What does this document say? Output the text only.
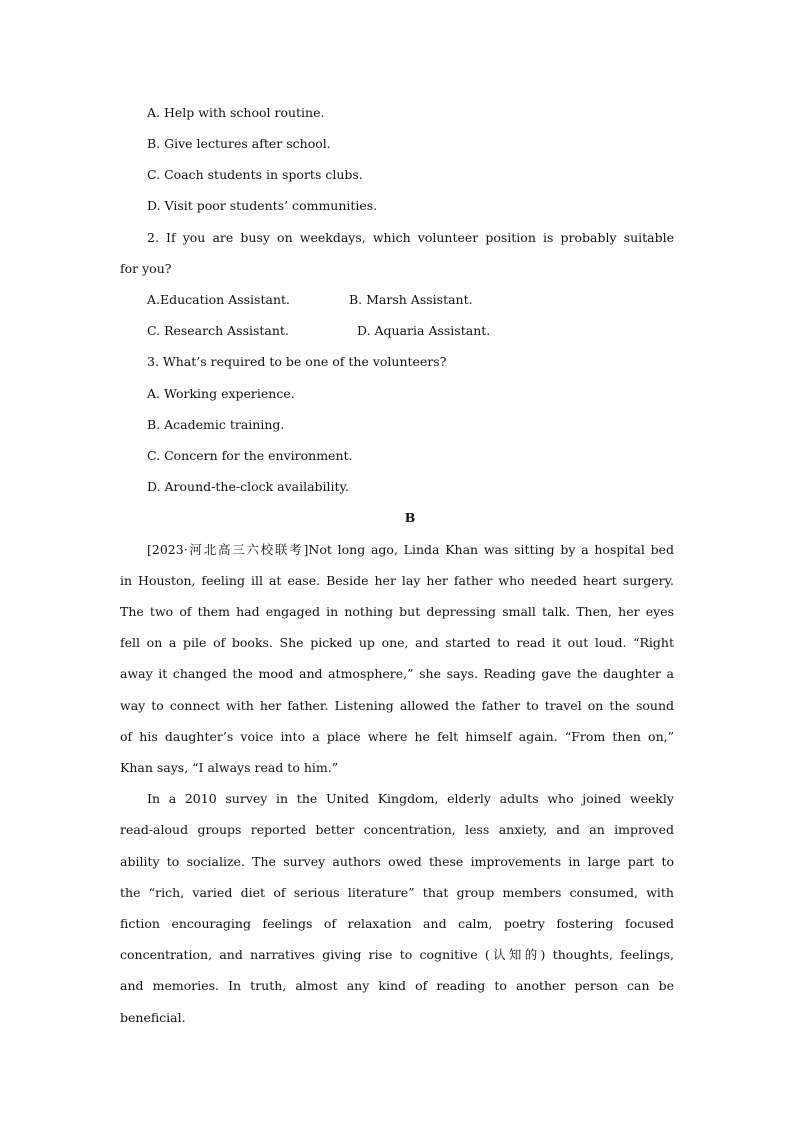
A. Help with school routine.
B. Give lectures after school.
C. Coach students in sports clubs.
D. Visit poor students’ communities.
2. If you are busy on weekdays, which volunteer position is probably suitable
for you?
A.Education Assistant.	B. Marsh Assistant.
C. Research Assistant.	D. Aquaria Assistant.
3. What’s required to be one of the volunteers?
A. Working experience.
B. Academic training.
C. Concern for the environment.
D. Around-the-clock availability.
B
[2023·河北高三六校联考]Not long ago, Linda Khan was sitting by a hospital bed
in Houston, feeling ill at ease. Beside her lay her father who needed heart surgery.
The two of them had engaged in nothing but depressing small talk. Then, her eyes
fell on a pile of books. She picked up one, and started to read it out loud. “Right
away it changed the mood and atmosphere,” she says. Reading gave the daughter a
way to connect with her father. Listening allowed the father to travel on the sound
of his daughter’s voice into a place where he felt himself again. “From then on,”
Khan says, “I always read to him.”
In a 2010 survey in the United Kingdom, elderly adults who joined weekly
read-aloud groups reported better concentration, less anxiety, and an improved
ability to socialize. The survey authors owed these improvements in large part to
the “rich, varied diet of serious literature” that group members consumed, with
fiction encouraging feelings of relaxation and calm, poetry fostering focused
concentration, and narratives giving rise to cognitive (认知的) thoughts, feelings,
and memories. In truth, almost any kind of reading to another person can be
beneficial.
